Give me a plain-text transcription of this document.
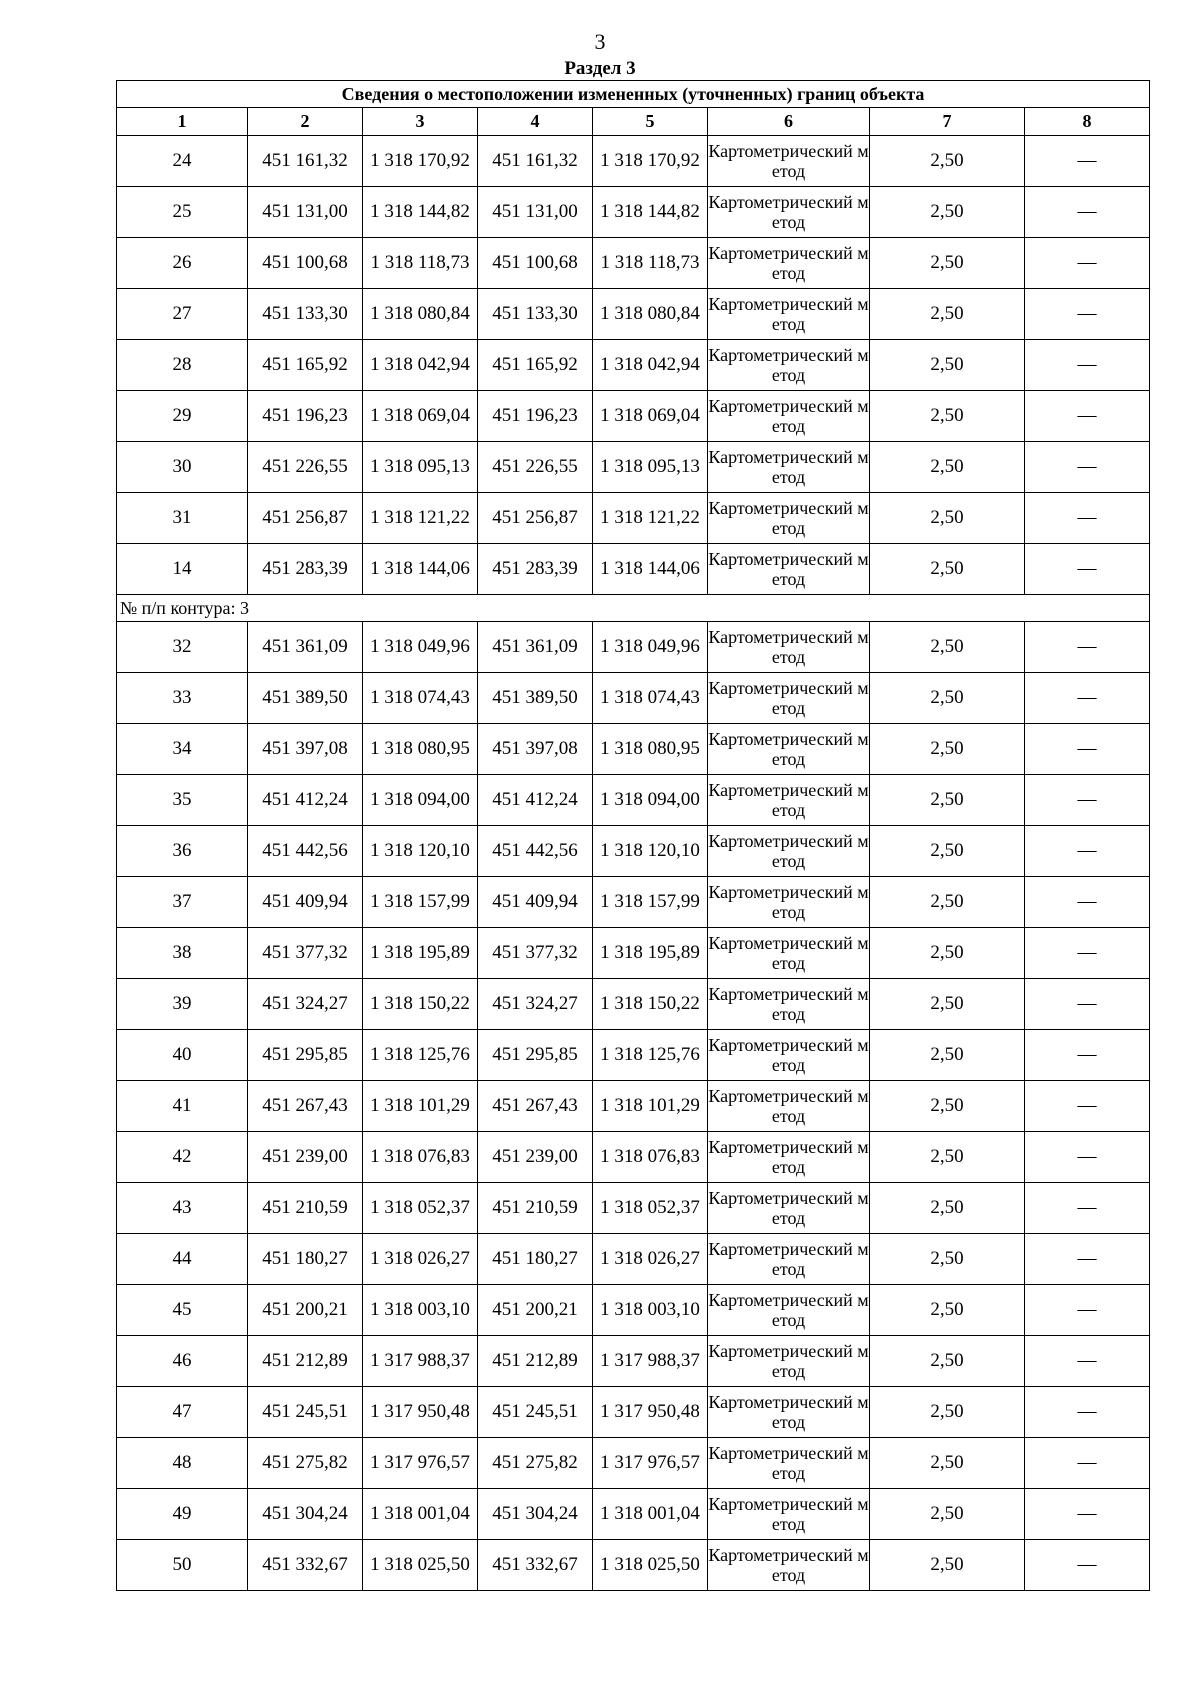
3
Раздел 3
Сведения о местоположении измененных (уточненных) границ объекта							
1	2	3	4	5	6	7	8
24	451 161,32	1 318 170,92	451 161,32	1 318 170,92	Картометрический метод	2,50	—
25	451 131,00	1 318 144,82	451 131,00	1 318 144,82	Картометрический метод	2,50	—
26	451 100,68	1 318 118,73	451 100,68	1 318 118,73	Картометрический метод	2,50	—
27	451 133,30	1 318 080,84	451 133,30	1 318 080,84	Картометрический метод	2,50	—
28	451 165,92	1 318 042,94	451 165,92	1 318 042,94	Картометрический метод	2,50	—
29	451 196,23	1 318 069,04	451 196,23	1 318 069,04	Картометрический метод	2,50	—
30	451 226,55	1 318 095,13	451 226,55	1 318 095,13	Картометрический метод	2,50	—
31	451 256,87	1 318 121,22	451 256,87	1 318 121,22	Картометрический метод	2,50	—
14	451 283,39	1 318 144,06	451 283,39	1 318 144,06	Картометрический метод	2,50	—
№ п/п контура: 3							
32	451 361,09	1 318 049,96	451 361,09	1 318 049,96	Картометрический метод	2,50	—
33	451 389,50	1 318 074,43	451 389,50	1 318 074,43	Картометрический метод	2,50	—
34	451 397,08	1 318 080,95	451 397,08	1 318 080,95	Картометрический метод	2,50	—
35	451 412,24	1 318 094,00	451 412,24	1 318 094,00	Картометрический метод	2,50	—
36	451 442,56	1 318 120,10	451 442,56	1 318 120,10	Картометрический метод	2,50	—
37	451 409,94	1 318 157,99	451 409,94	1 318 157,99	Картометрический метод	2,50	—
38	451 377,32	1 318 195,89	451 377,32	1 318 195,89	Картометрический метод	2,50	—
39	451 324,27	1 318 150,22	451 324,27	1 318 150,22	Картометрический метод	2,50	—
40	451 295,85	1 318 125,76	451 295,85	1 318 125,76	Картометрический метод	2,50	—
41	451 267,43	1 318 101,29	451 267,43	1 318 101,29	Картометрический метод	2,50	—
42	451 239,00	1 318 076,83	451 239,00	1 318 076,83	Картометрический метод	2,50	—
43	451 210,59	1 318 052,37	451 210,59	1 318 052,37	Картометрический метод	2,50	—
44	451 180,27	1 318 026,27	451 180,27	1 318 026,27	Картометрический метод	2,50	—
45	451 200,21	1 318 003,10	451 200,21	1 318 003,10	Картометрический метод	2,50	—
46	451 212,89	1 317 988,37	451 212,89	1 317 988,37	Картометрический метод	2,50	—
47	451 245,51	1 317 950,48	451 245,51	1 317 950,48	Картометрический метод	2,50	—
48	451 275,82	1 317 976,57	451 275,82	1 317 976,57	Картометрический метод	2,50	—
49	451 304,24	1 318 001,04	451 304,24	1 318 001,04	Картометрический метод	2,50	—
50	451 332,67	1 318 025,50	451 332,67	1 318 025,50	Картометрический метод	2,50	—
